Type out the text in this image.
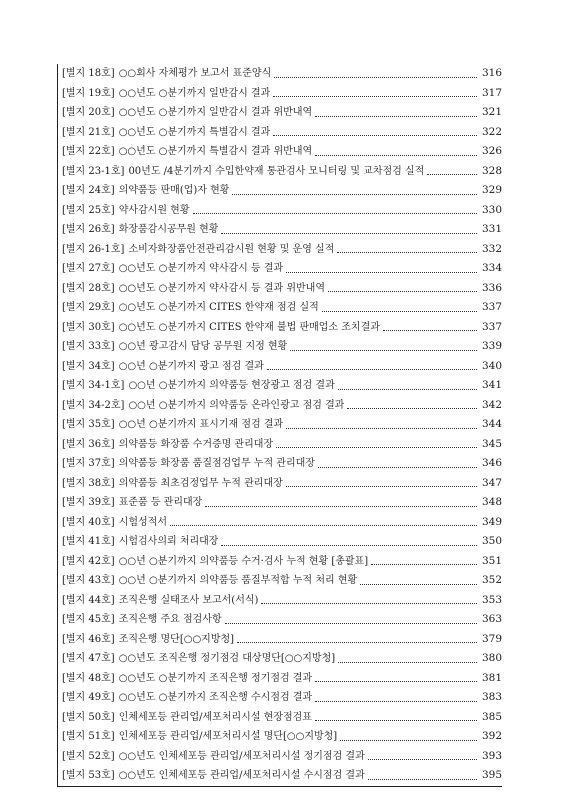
[별지 18호] ○○회사 자체평가 보고서 표준양식	316
[별지 19호] ○○년도 ○분기까지 일반감시 결과	317
[별지 20호] ○○년도 ○분기까지 일반감시 결과 위반내역	321
[별지 21호] ○○년도 ○분기까지 특별감시 결과	322
[별지 22호] ○○년도 ○분기까지 특별감시 결과 위반내역	326
[별지 23-1호] 00년도 /4분기까지 수입한약재 통관검사 모니터링 및 교차점검 실적	328
[별지 24호] 의약품등 판매(업)자 현황	329
[별지 25호] 약사감시원 현황	330
[별지 26호] 화장품감시공무원 현황	331
[별지 26-1호] 소비자화장품안전관리감시원 현황 및 운영 실적	332
[별지 27호] ○○년도 ○분기까지 약사감시 등 결과	334
[별지 28호] ○○년도 ○분기까지 약사감시 등 결과 위반내역	336
[별지 29호] ○○년도 ○분기까지 CITES 한약재 점검 실적	337
[별지 30호] ○○년도 ○분기까지 CITES 한약재 불법 판매업소 조치결과	337
[별지 33호] ○○년 광고감시 담당 공무원 지정 현황	339
[별지 34호] ○○년 ○분기까지 광고 점검 결과	340
[별지 34-1호] ○○년 ○분기까지 의약품등 현장광고 점검 결과	341
[별지 34-2호] ○○년 ○분기까지 의약품등 온라인광고 점검 결과	342
[별지 35호] ○○년 ○분기까지 표시기재 점검 결과	344
[별지 36호] 의약품등 화장품 수거증명 관리대장	345
[별지 37호] 의약품등 화장품 품질점검업무 누적 관리대장	346
[별지 38호] 의약품등 최초검정업무 누적 관리대장	347
[별지 39호] 표준품 등 관리대장	348
[별지 40호] 시험성적서	349
[별지 41호] 시험검사의뢰 처리대장	350
[별지 42호] ○○년 ○분기까지 의약품등 수거·검사 누적 현황 [총괄표]	351
[별지 43호] ○○년 ○분기까지 의약품등 품질부적합 누적 처리 현황	352
[별지 44호] 조직은행 실태조사 보고서(서식)	353
[별지 45호] 조직은행 주요 점검사항	363
[별지 46호] 조직은행 명단[○○지방청]	379
[별지 47호] ○○년도 조직은행 정기점검 대상명단[○○지방청]	380
[별지 48호] ○○년도 ○분기까지 조직은행 정기점검 결과	381
[별지 49호] ○○년도 ○분기까지 조직은행 수시점검 결과	383
[별지 50호] 인체세포등 관리업/세포처리시설 현장점검표	385
[별지 51호] 인체세포등 관리업/세포처리시설 명단[○○지방청]	392
[별지 52호] ○○년도 인체세포등 관리업/세포처리시설 정기점검 결과	393
[별지 53호] ○○년도 인체세포등 관리업/세포처리시설 수시점검 결과	395
